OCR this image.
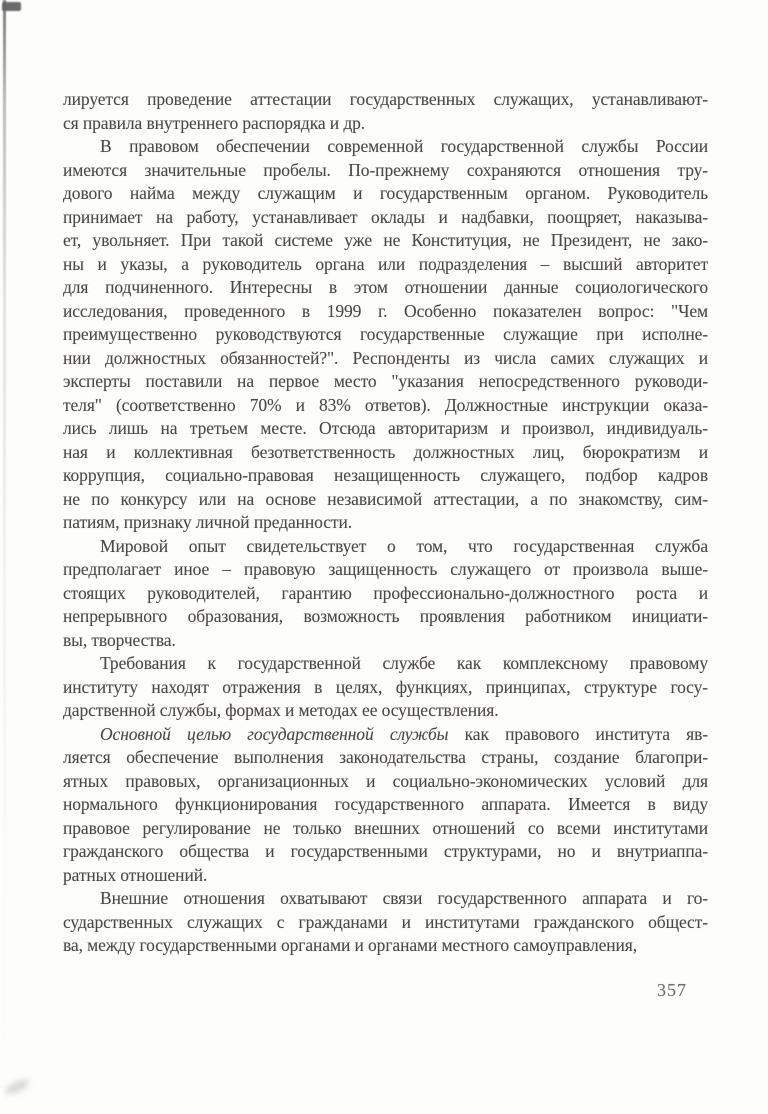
лируется проведение аттестации государственных служащих, устанавливают-
ся правила внутреннего распорядка и др.
В правовом обеспечении современной государственной службы России
имеются значительные пробелы. По-прежнему сохраняются отношения тру-
дового найма между служащим и государственным органом. Руководитель
принимает на работу, устанавливает оклады и надбавки, поощряет, наказыва-
ет, увольняет. При такой системе уже не Конституция, не Президент, не зако-
ны и указы, а руководитель органа или подразделения – высший авторитет
для подчиненного. Интересны в этом отношении данные социологического
исследования, проведенного в 1999 г. Особенно показателен вопрос: "Чем
преимущественно руководствуются государственные служащие при исполне-
нии должностных обязанностей?". Респонденты из числа самих служащих и
эксперты поставили на первое место "указания непосредственного руководи-
теля" (соответственно 70% и 83% ответов). Должностные инструкции оказа-
лись лишь на третьем месте. Отсюда авторитаризм и произвол, индивидуаль-
ная и коллективная безответственность должностных лиц, бюрократизм и
коррупция, социально-правовая незащищенность служащего, подбор кадров
не по конкурсу или на основе независимой аттестации, а по знакомству, сим-
патиям, признаку личной преданности.
Мировой опыт свидетельствует о том, что государственная служба
предполагает иное – правовую защищенность служащего от произвола выше-
стоящих руководителей, гарантию профессионально-должностного роста и
непрерывного образования, возможность проявления работником инициати-
вы, творчества.
Требования к государственной службе как комплексному правовому
институту находят отражения в целях, функциях, принципах, структуре госу-
дарственной службы, формах и методах ее осуществления.
Основной целью государственной службы как правового института яв-
ляется обеспечение выполнения законодательства страны, создание благопри-
ятных правовых, организационных и социально-экономических условий для
нормального функционирования государственного аппарата. Имеется в виду
правовое регулирование не только внешних отношений со всеми институтами
гражданского общества и государственными структурами, но и внутриаппа-
ратных отношений.
Внешние отношения охватывают связи государственного аппарата и го-
сударственных служащих с гражданами и институтами гражданского общест-
ва, между государственными органами и органами местного самоуправления,
357
